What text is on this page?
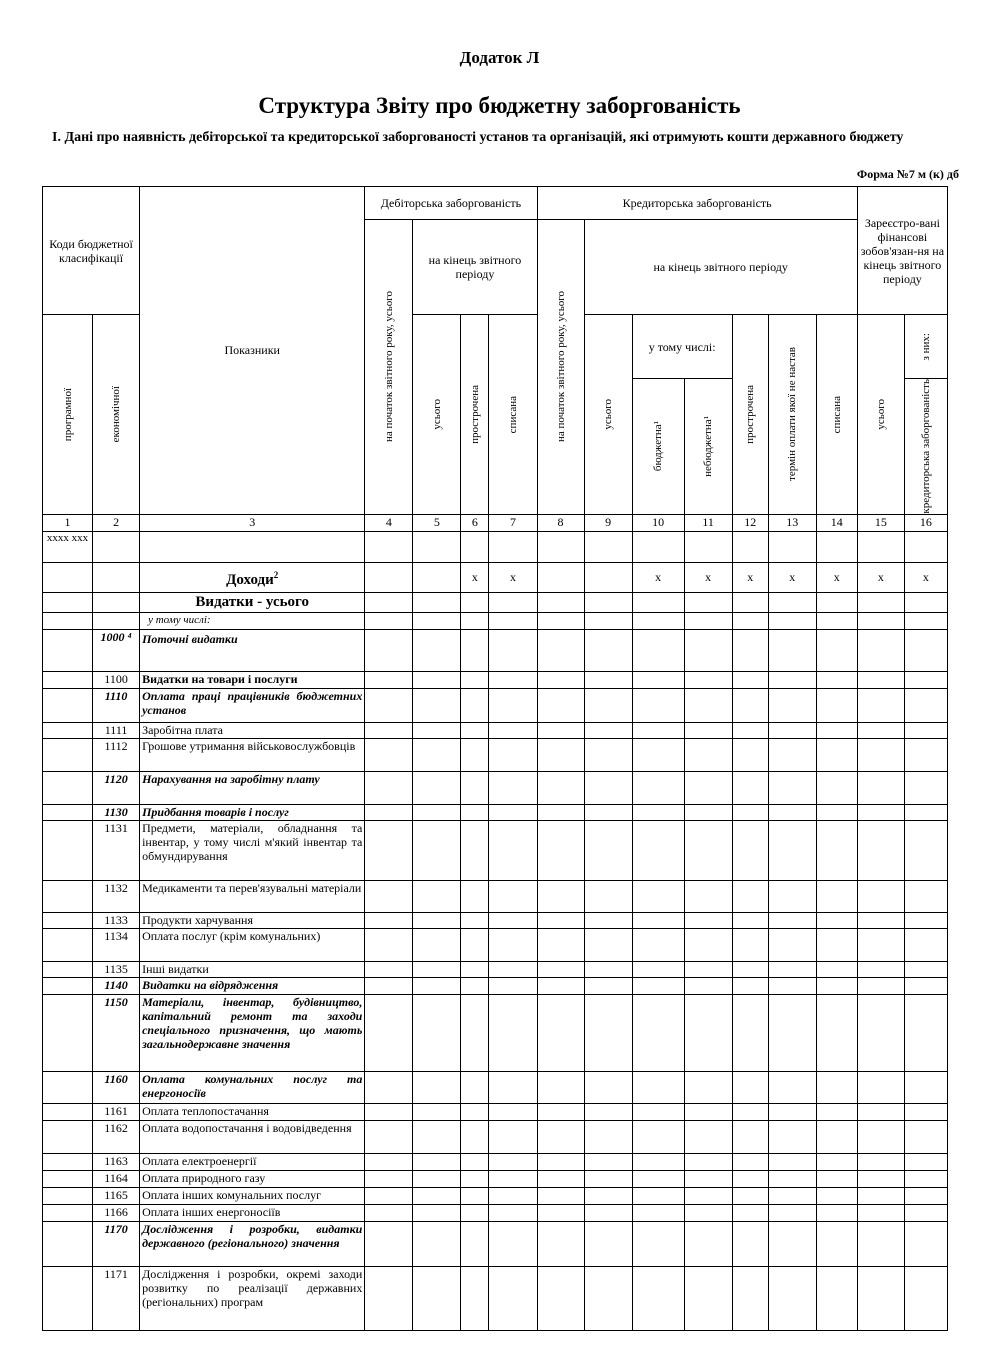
Додаток Л
Структура Звіту про бюджетну заборгованість
І. Дані про наявність дебіторської та кредиторської заборгованості установ та організацій, які отримують кошти державного бюджету
Форма №7 м (к) дб
Коди бюджетної класифікації		Показники	Дебіторська заборгованість				Кредиторська заборгованість							Зареєстро-вані фінансові зобов'язан-ня на кінець звітного періоду	

			на початок звітного року, усього	на кінець звітного періоду			на початок звітного року, усього	на кінець звітного періоду							

програмної	економічної			усього	прострочена	списана		усього	у тому числі:		прострочена	термін оплати якої не настав	списана	усього	з них:

									бюджетна¹	небюджетна¹					кредиторська заборгованість

1	2	3	4	5	6	7	8	9	10	11	12	13	14	15	16
хххх ххх															
		Доходи$^2$			х	х			х	х	х	х	х	х	х
		Видатки - усього													
		у тому числі:													
	1000 ⁴	Поточні видатки													
	1100	Видатки на товари і послуги													
	1110	Оплата праці працівників бюджетних установ													
	1111	Заробітна плата													
	1112	Грошове утримання військовослужбовців													
	1120	Нарахування на заробітну плату													
	1130	Придбання товарів і послуг													
	1131	Предмети, матеріали, обладнання та інвентар, у тому числі м'який інвентар та обмундирування													
	1132	Медикаменти та перев'язувальні матеріали													
	1133	Продукти харчування													
	1134	Оплата послуг (крім комунальних)													
	1135	Інші видатки													
	1140	Видатки на відрядження													
	1150	Матеріали, інвентар, будівництво, капітальний ремонт та заходи спеціального призначення, що мають загальнодержавне значення													
	1160	Оплата комунальних послуг та енергоносіїв													
	1161	Оплата теплопостачання													
	1162	Оплата водопостачання і водовідведення													
	1163	Оплата електроенергії													
	1164	Оплата природного газу													
	1165	Оплата інших комунальних послуг													
	1166	Оплата інших енергоносіїв													
	1170	Дослідження і розробки, видатки державного (регіонального) значення													
	1171	Дослідження і розробки, окремі заходи розвитку по реалізації державних (регіональних) програм													
